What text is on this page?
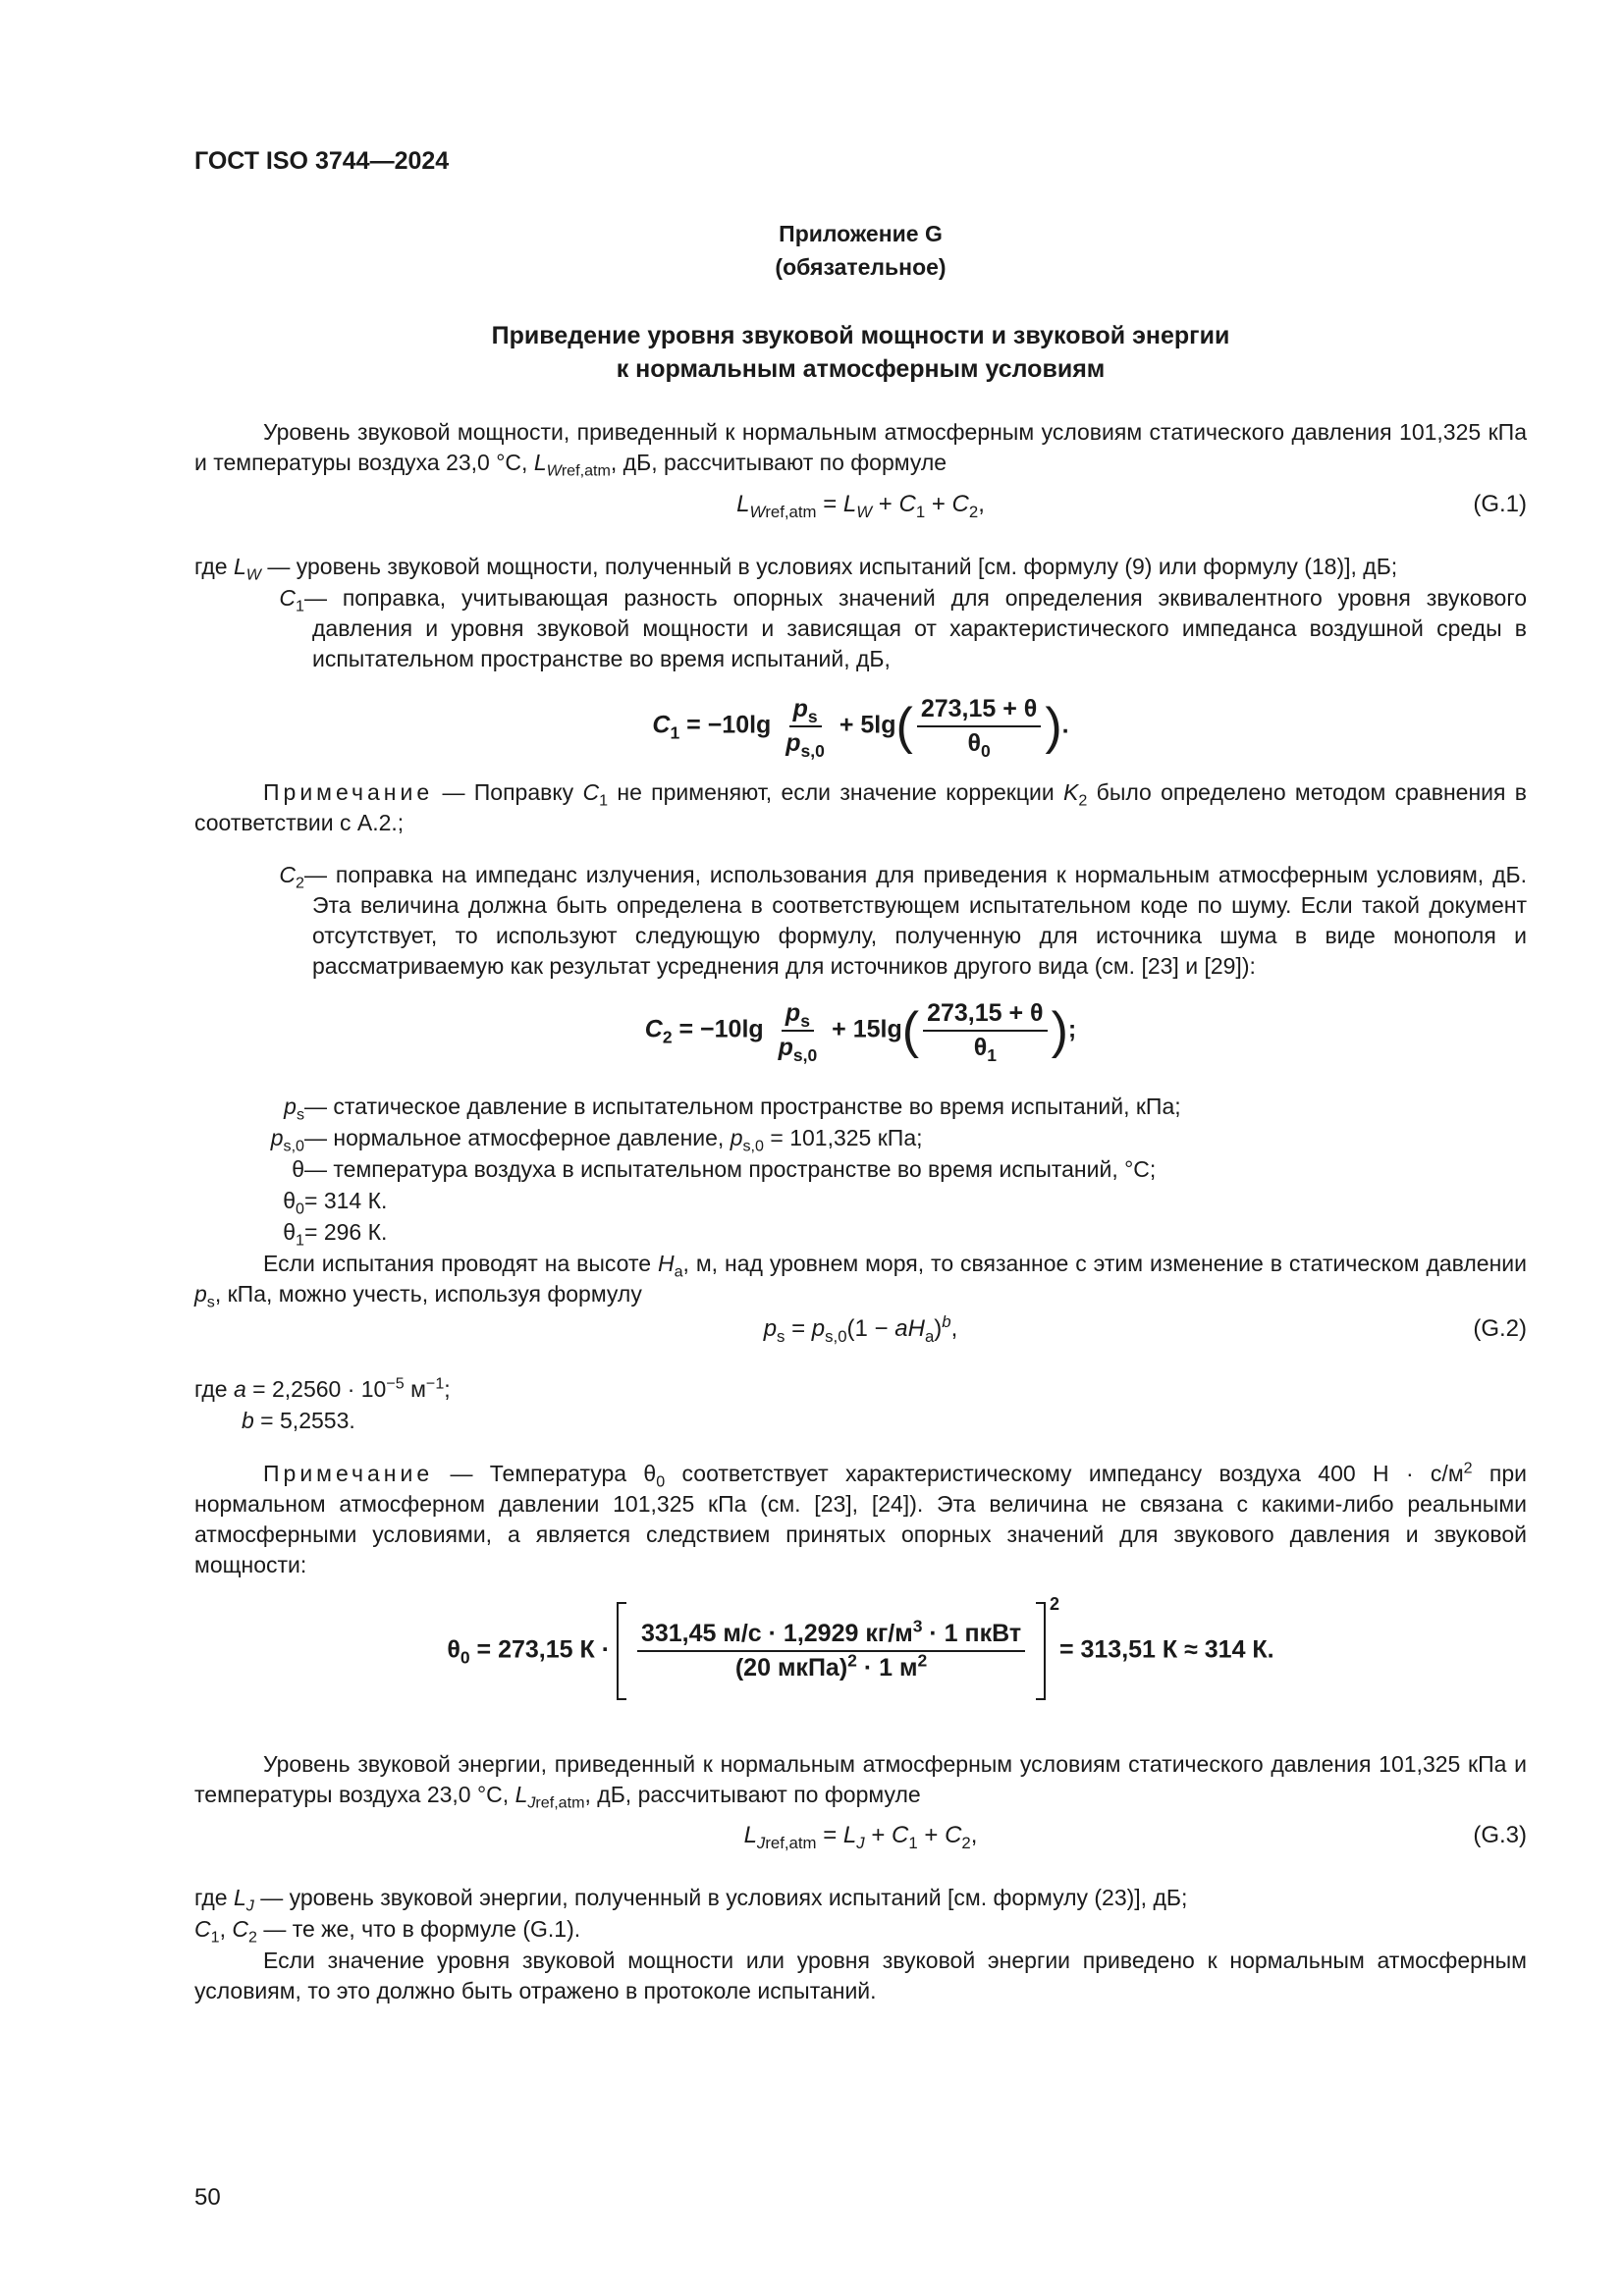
ГОСТ ISO 3744—2024
Приложение G
(обязательное)
Приведение уровня звуковой мощности и звуковой энергии
к нормальным атмосферным условиям
Уровень звуковой мощности, приведенный к нормальным атмосферным условиям статического давления 101,325 кПа и температуры воздуха 23,0 °С, $L_{Wref,atm}$, дБ, рассчитывают по формуле
$L_{Wref,atm} = L_W + C_1 + C_2$,	(G.1)
где $L_W$ — уровень звуковой мощности, полученный в условиях испытаний [см. формулу (9) или формулу (18)], дБ;
$C_1$ — поправка, учитывающая разность опорных значений для определения эквивалентного уровня звукового давления и уровня звуковой мощности и зависящая от характеристического импеданса воздушной среды в испытательном пространстве во время испытаний, дБ,
$C_1 = -10\lg \frac{p_s}{p_{s,0}} + 5\lg( \frac{273,15 + \theta}{\theta_0}$ ).
Примечание — Поправку $C_1$ не применяют, если значение коррекции $K_2$ было определено методом сравнения в соответствии с А.2.;
$C_2$ — поправка на импеданс излучения, использования для приведения к нормальным атмосферным условиям, дБ. Эта величина должна быть определена в соответствующем испытательном коде по шуму. Если такой документ отсутствует, то используют следующую формулу, полученную для источника шума в виде монополя и рассматриваемую как результат усреднения для источников другого вида (см. [23] и [29]):
$C_2 = -10\lg \frac{p_s}{p_{s,0}} + 15\lg( \frac{273,15 + \theta}{\theta_1}$ );
$p_s$ — статическое давление в испытательном пространстве во время испытаний, кПа;
$p_{s,0}$ — нормальное атмосферное давление, $p_{s,0} = 101,325$ кПа;
θ — температура воздуха в испытательном пространстве во время испытаний, °С;
$\theta_0 = 314$ К.
$\theta_1 = 296$ К.
Если испытания проводят на высоте $H_a$, м, над уровнем моря, то связанное с этим изменение в статическом давлении $p_s$, кПа, можно учесть, используя формулу
$p_s = p_{s,0}(1 - aH_a)^b$,	(G.2)
где $a = 2,2560 \cdot 10^{-5}$ $м^{-1}$;
b = 5,2553.
Примечание — Температура $\theta_0$ соответствует характеристическому импедансу воздуха 400 $Н \cdot с/м^2$ при нормальном атмосферном давлении 101,325 кПа (см. [23], [24]). Эта величина не связана с какими-либо реальными атмосферными условиями, а является следствием принятых опорных значений для звукового давления и звуковой мощности:
$\theta_0 = 273,15$ $К \cdot \frac{331,45 м/с \cdot 1,2929 кг/м^3 \cdot 1 пкВт}{(20 мкПа)^2 \cdot 1 м^2}$

2
= 313,51 К ≈ 314 К.
Уровень звуковой энергии, приведенный к нормальным атмосферным условиям статического давления 101,325 кПа и температуры воздуха 23,0 °С, $L_{Jref,atm}$, дБ, рассчитывают по формуле
$L_{Jref,atm} = L_J + C_1 + C_2$,	(G.3)
где $L_J$ — уровень звуковой энергии, полученный в условиях испытаний [см. формулу (23)], дБ;
$C_1$, $C_2$ — те же, что в формуле (G.1).
Если значение уровня звуковой мощности или уровня звуковой энергии приведено к нормальным атмосферным условиям, то это должно быть отражено в протоколе испытаний.
50
